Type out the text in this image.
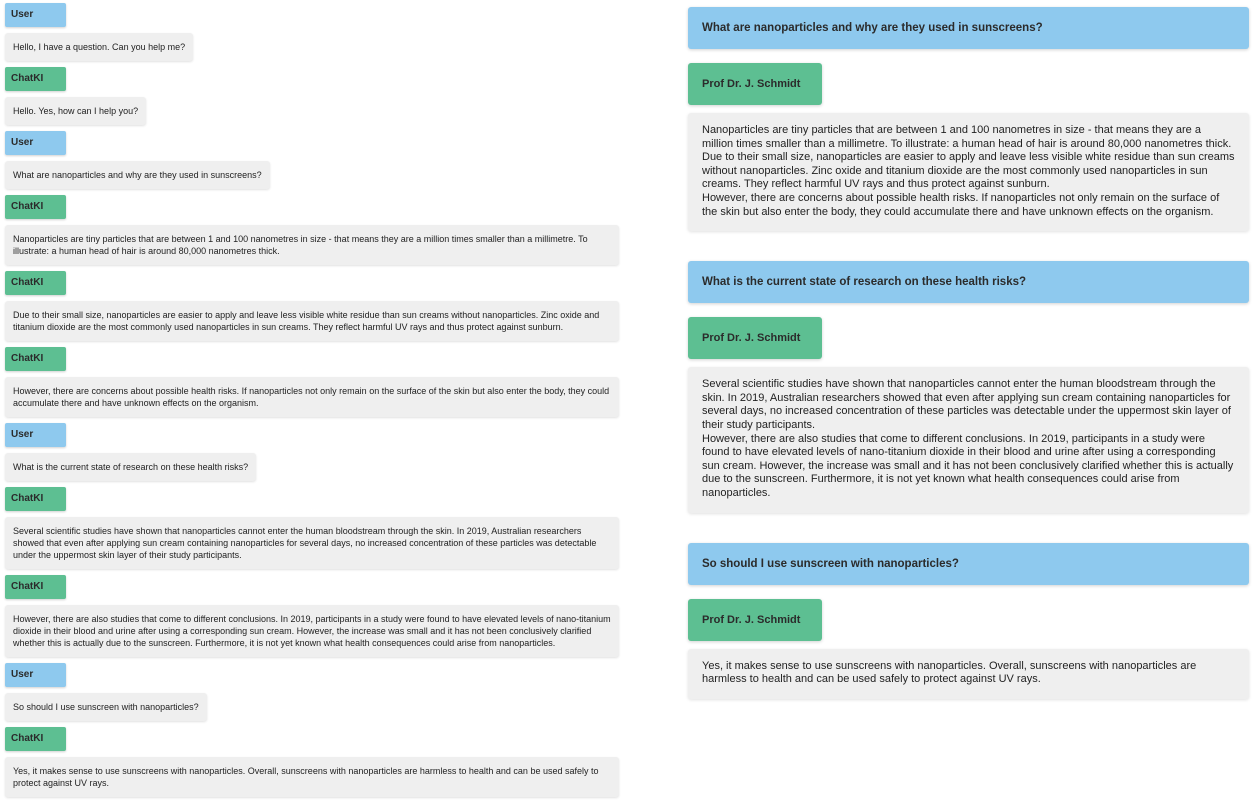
User
Hello, I have a question. Can you help me?
ChatKI
Hello. Yes, how can I help you?
User
What are nanoparticles and why are they used in sunscreens?
ChatKI
Nanoparticles are tiny particles that are between 1 and 100 nanometres in size - that means they are a million times smaller than a millimetre. To illustrate: a human head of hair is around 80,000 nanometres thick.
ChatKI
Due to their small size, nanoparticles are easier to apply and leave less visible white residue than sun creams without nanoparticles. Zinc oxide and titanium dioxide are the most commonly used nanoparticles in sun creams. They reflect harmful UV rays and thus protect against sunburn.
ChatKI
However, there are concerns about possible health risks. If nanoparticles not only remain on the surface of the skin but also enter the body, they could accumulate there and have unknown effects on the organism.
User
What is the current state of research on these health risks?
ChatKI
Several scientific studies have shown that nanoparticles cannot enter the human bloodstream through the skin. In 2019, Australian researchers showed that even after applying sun cream containing nanoparticles for several days, no increased concentration of these particles was detectable under the uppermost skin layer of their study participants.
ChatKI
However, there are also studies that come to different conclusions. In 2019, participants in a study were found to have elevated levels of nano-titanium dioxide in their blood and urine after using a corresponding sun cream. However, the increase was small and it has not been conclusively clarified whether this is actually due to the sunscreen. Furthermore, it is not yet known what health consequences could arise from nanoparticles.
User
So should I use sunscreen with nanoparticles?
ChatKI
Yes, it makes sense to use sunscreens with nanoparticles. Overall, sunscreens with nanoparticles are harmless to health and can be used safely to protect against UV rays.
What are nanoparticles and why are they used in sunscreens?
Prof Dr. J. Schmidt

Nanoparticles are tiny particles that are between 1 and 100 nanometres in size - that means they are a million times smaller than a millimetre. To illustrate: a human head of hair is around 80,000 nanometres thick.

Due to their small size, nanoparticles are easier to apply and leave less visible white residue than sun creams without nanoparticles. Zinc oxide and titanium dioxide are the most commonly used nanoparticles in sun creams. They reflect harmful UV rays and thus protect against sunburn.

However, there are concerns about possible health risks. If nanoparticles not only remain on the surface of the skin but also enter the body, they could accumulate there and have unknown effects on the organism.

What is the current state of research on these health risks?
Prof Dr. J. Schmidt

Several scientific studies have shown that nanoparticles cannot enter the human bloodstream through the skin. In 2019, Australian researchers showed that even after applying sun cream containing nanoparticles for several days, no increased concentration of these particles was detectable under the uppermost skin layer of their study participants.

However, there are also studies that come to different conclusions. In 2019, participants in a study were found to have elevated levels of nano-titanium dioxide in their blood and urine after using a corresponding sun cream. However, the increase was small and it has not been conclusively clarified whether this is actually due to the sunscreen. Furthermore, it is not yet known what health consequences could arise from nanoparticles.

So should I use sunscreen with nanoparticles?
Prof Dr. J. Schmidt

Yes, it makes sense to use sunscreens with nanoparticles. Overall, sunscreens with nanoparticles are harmless to health and can be used safely to protect against UV rays.
